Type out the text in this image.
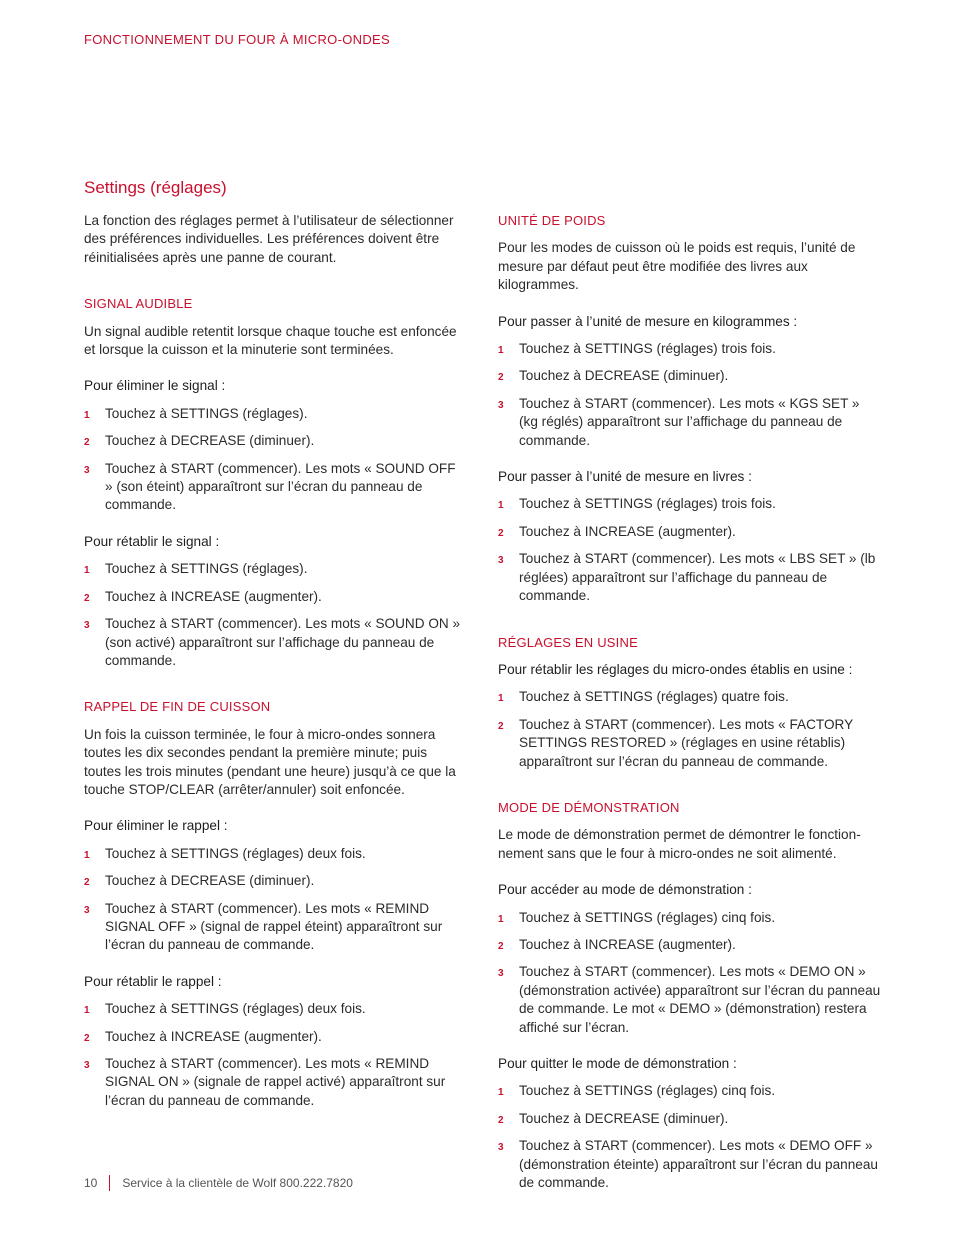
FONCTIONNEMENT DU FOUR À MICRO-ONDES
Settings (réglages)

La fonction des réglages permet à l’utilisateur de sélectionner des préférences individuelles. Les préférences doivent être réinitialisées après une panne de courant.

SIGNAL AUDIBLE

Un signal audible retentit lorsque chaque touche est enfoncée et lorsque la cuisson et la minuterie sont terminées.

Pour éliminer le signal :

1 Touchez à SETTINGS (réglages).
2 Touchez à DECREASE (diminuer).
3 Touchez à START (commencer). Les mots « SOUND OFF » (son éteint) apparaîtront sur l’écran du panneau de commande.

Pour rétablir le signal :

1 Touchez à SETTINGS (réglages).
2 Touchez à INCREASE (augmenter).
3 Touchez à START (commencer). Les mots « SOUND ON » (son activé) apparaîtront sur l’affichage du panneau de commande.
RAPPEL DE FIN DE CUISSON

Un fois la cuisson terminée, le four à micro-ondes sonnera toutes les dix secondes pendant la première minute; puis toutes les trois minutes (pendant une heure) jusqu’à ce que la touche STOP/CLEAR (arrêter/annuler) soit enfoncée.

Pour éliminer le rappel :

1 Touchez à SETTINGS (réglages) deux fois.
2 Touchez à DECREASE (diminuer).
3 Touchez à START (commencer). Les mots « REMIND SIGNAL OFF » (signal de rappel éteint) apparaîtront sur l’écran du panneau de commande.

Pour rétablir le rappel :

1 Touchez à SETTINGS (réglages) deux fois.
2 Touchez à INCREASE (augmenter).
3 Touchez à START (commencer). Les mots « REMIND SIGNAL ON » (signale de rappel activé) apparaîtront sur l’écran du panneau de commande.
UNITÉ DE POIDS

Pour les modes de cuisson où le poids est requis, l’unité de mesure par défaut peut être modifiée des livres aux kilogrammes.

Pour passer à l’unité de mesure en kilogrammes :

1 Touchez à SETTINGS (réglages) trois fois.
2 Touchez à DECREASE (diminuer).
3 Touchez à START (commencer). Les mots « KGS SET » (kg réglés) apparaîtront sur l’affichage du panneau de commande.

Pour passer à l’unité de mesure en livres :

1 Touchez à SETTINGS (réglages) trois fois.
2 Touchez à INCREASE (augmenter).
3 Touchez à START (commencer). Les mots « LBS SET » (lb réglées) apparaîtront sur l’affichage du panneau de commande.
RÉGLAGES EN USINE

Pour rétablir les réglages du micro-ondes établis en usine :

1 Touchez à SETTINGS (réglages) quatre fois.
2 Touchez à START (commencer). Les mots « FACTORY SETTINGS RESTORED » (réglages en usine rétablis) apparaîtront sur l’écran du panneau de commande.
MODE DE DÉMONSTRATION

Le mode de démonstration permet de démontrer le fonctionnement sans que le four à micro-ondes ne soit alimenté.

Pour accéder au mode de démonstration :

1 Touchez à SETTINGS (réglages) cinq fois.
2 Touchez à INCREASE (augmenter).
3 Touchez à START (commencer). Les mots « DEMO ON » (démonstration activée) apparaîtront sur l’écran du panneau de commande. Le mot « DEMO » (démonstration) restera affiché sur l’écran.

Pour quitter le mode de démonstration :

1 Touchez à SETTINGS (réglages) cinq fois.
2 Touchez à DECREASE (diminuer).
3 Touchez à START (commencer). Les mots « DEMO OFF » (démonstration éteinte) apparaîtront sur l’écran du panneau de commande.
10 Service à la clientèle de Wolf 800.222.7820
